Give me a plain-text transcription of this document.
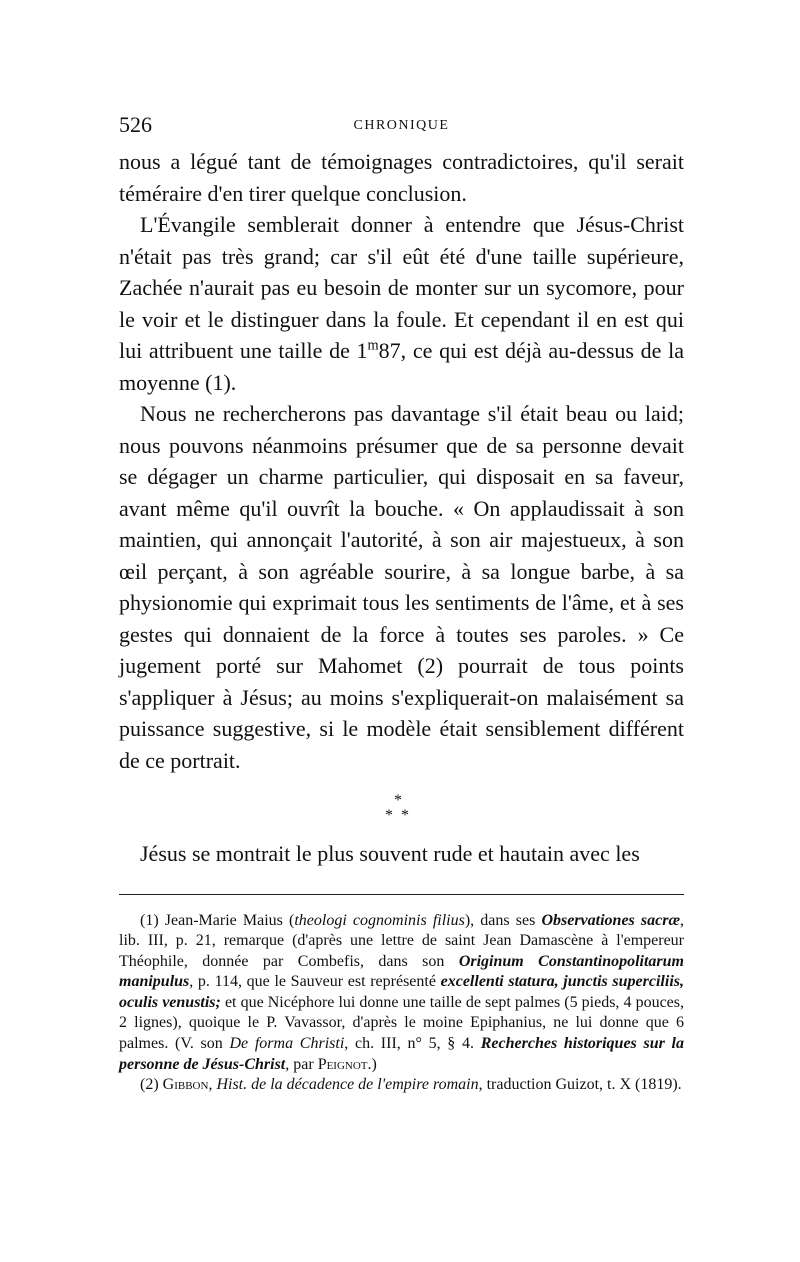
526	CHRONIQUE

nous a légué tant de témoignages contradictoires, qu'il serait téméraire d'en tirer quelque conclusion.

L'Évangile semblerait donner à entendre que Jésus-Christ n'était pas très grand; car s'il eût été d'une taille supérieure, Zachée n'aurait pas eu besoin de monter sur un sycomore, pour le voir et le distinguer dans la foule. Et cependant il en est qui lui attribuent une taille de 1$^m$87, ce qui est déjà au-dessus de la moyenne (1).

Nous ne rechercherons pas davantage s'il était beau ou laid; nous pouvons néanmoins présumer que de sa personne devait se dégager un charme particulier, qui disposait en sa faveur, avant même qu'il ouvrît la bouche. « On applaudissait à son maintien, qui annonçait l'autorité, à son air majestueux, à son œil perçant, à son agréable sourire, à sa longue barbe, à sa physionomie qui exprimait tous les sentiments de l'âme, et à ses gestes qui donnaient de la force à toutes ses paroles. » Ce jugement porté sur Mahomet (2) pourrait de tous points s'appliquer à Jésus; au moins s'expliquerait-on malaisément sa puissance suggestive, si le modèle était sensiblement différent de ce portrait.

*
**

Jésus se montrait le plus souvent rude et hautain avec les

(1) Jean-Marie Maius (theologi cognominis filius), dans ses Observationes sacræ, lib. III, p. 21, remarque (d'après une lettre de saint Jean Damascène à l'empereur Théophile, donnée par Combefis, dans son Originum Constantinopolitarum manipulus, p. 114, que le Sauveur est représenté excellenti statura, junctis superciliis, oculis venustis; et que Nicéphore lui donne une taille de sept palmes (5 pieds, 4 pouces, 2 lignes), quoique le P. Vavassor, d'après le moine Epiphanius, ne lui donne que 6 palmes. (V. son De forma Christi, ch. III, n° 5, § 4. Recherches historiques sur la personne de Jésus-Christ, par Peignot.)

(2) Gibbon, Hist. de la décadence de l'empire romain, traduction Guizot, t. X (1819).
